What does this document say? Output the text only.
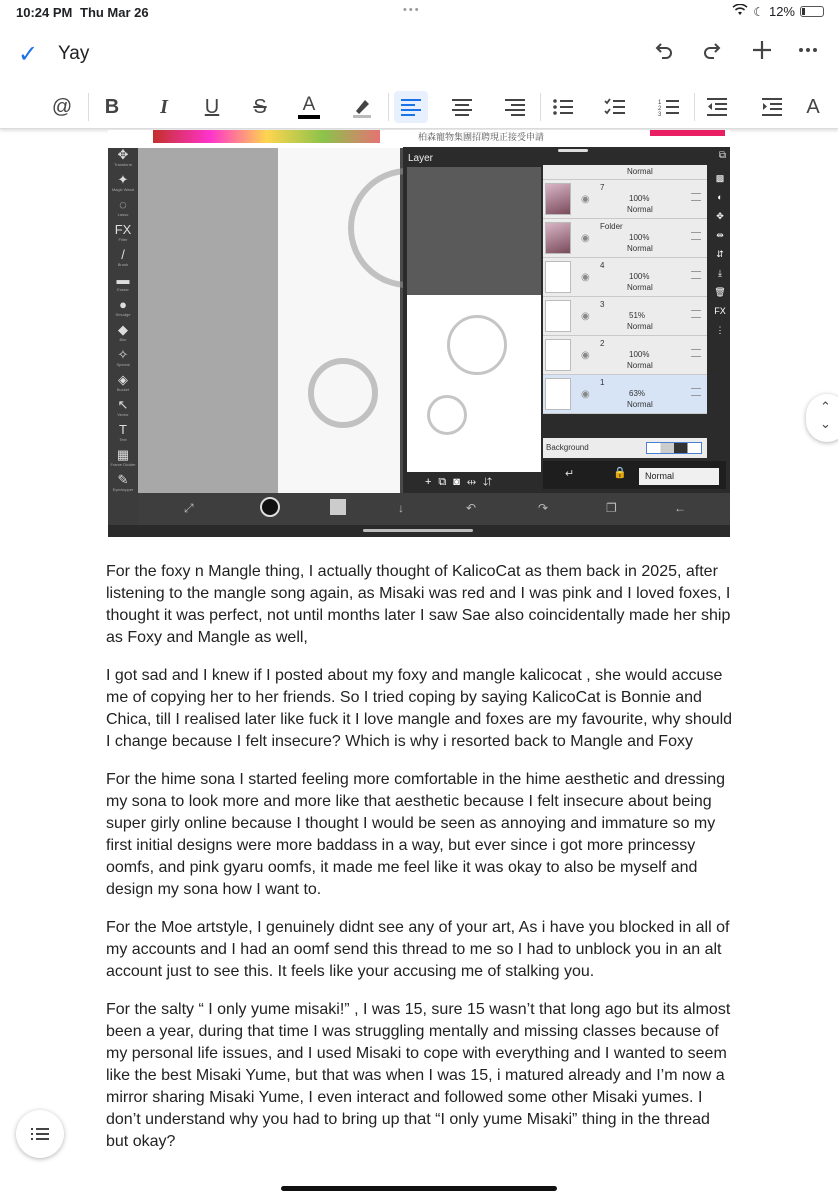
10:24 PM Thu Mar 26	•••	☾ 12%
✓ Yay
@	B	I	U	S	A	1
2
3	A
柏森寵物集團招聘現正接受申請
✥
Transform
✦
Magic Wand
◌
Lasso
FX
Filter
/
Brush
▬
Eraser
●
Smudge
◆
Blur
✧
Special
◈
Bucket
↖
Vector
T
Text
▦
Frame Divider
✎
Eyedropper
Layer	⧉
+⧉◙⇹⇵
Normal
◉
7
100%
Normal
◉
Folder
100%
Normal
◉
4
100%
Normal
◉
3
51%
Normal
◉
2
100%
Normal
◉
1
63%
Normal
▩
◐
✥
⇹
⇵
⤓
🗑
FX
⋮
Background
↵	🔒	Normal
⤢	↓	↶	↷	❐	←

For the foxy n Mangle thing, I actually thought of KalicoCat as them back in 2025, after listening to the mangle song again, as Misaki was red and I was pink and I loved foxes, I thought it was perfect, not until months later I saw Sae also coincidentally made her ship as Foxy and Mangle as well,

I got sad and I knew if I posted about my foxy and mangle kalicocat , she would accuse me of copying her to her friends. So I tried coping by saying KalicoCat is Bonnie and Chica, till I realised later like fuck it I love mangle and foxes are my favourite, why should I change because I felt insecure? Which is why i resorted back to Mangle and Foxy

For the hime sona I started feeling more comfortable in the hime aesthetic and dressing my sona to look more and more like that aesthetic because I felt insecure about being super girly online because I thought I would be seen as annoying and immature so my first initial designs were more baddass in a way, but ever since i got more princessy oomfs, and pink gyaru oomfs, it made me feel like it was okay to also be myself and design my sona how I want to.

For the Moe artstyle, I genuinely didnt see any of your art, As i have you blocked in all of my accounts and I had an oomf send this thread to me so I had to unblock you in an alt account just to see this. It feels like your accusing me of stalking you.

For the salty “ I only yume misaki!” , I was 15, sure 15 wasn’t that long ago but its almost been a year, during that time I was struggling mentally and missing classes because of my personal life issues, and I used Misaki to cope with everything and I wanted to seem like the best Misaki Yume, but that was when I was 15, i matured already and I’m now a mirror sharing Misaki Yume, I even interact and followed some other Misaki yumes. I don’t understand why you had to bring up that “I only yume Misaki” thing in the thread but okay?

⌃
⌄
